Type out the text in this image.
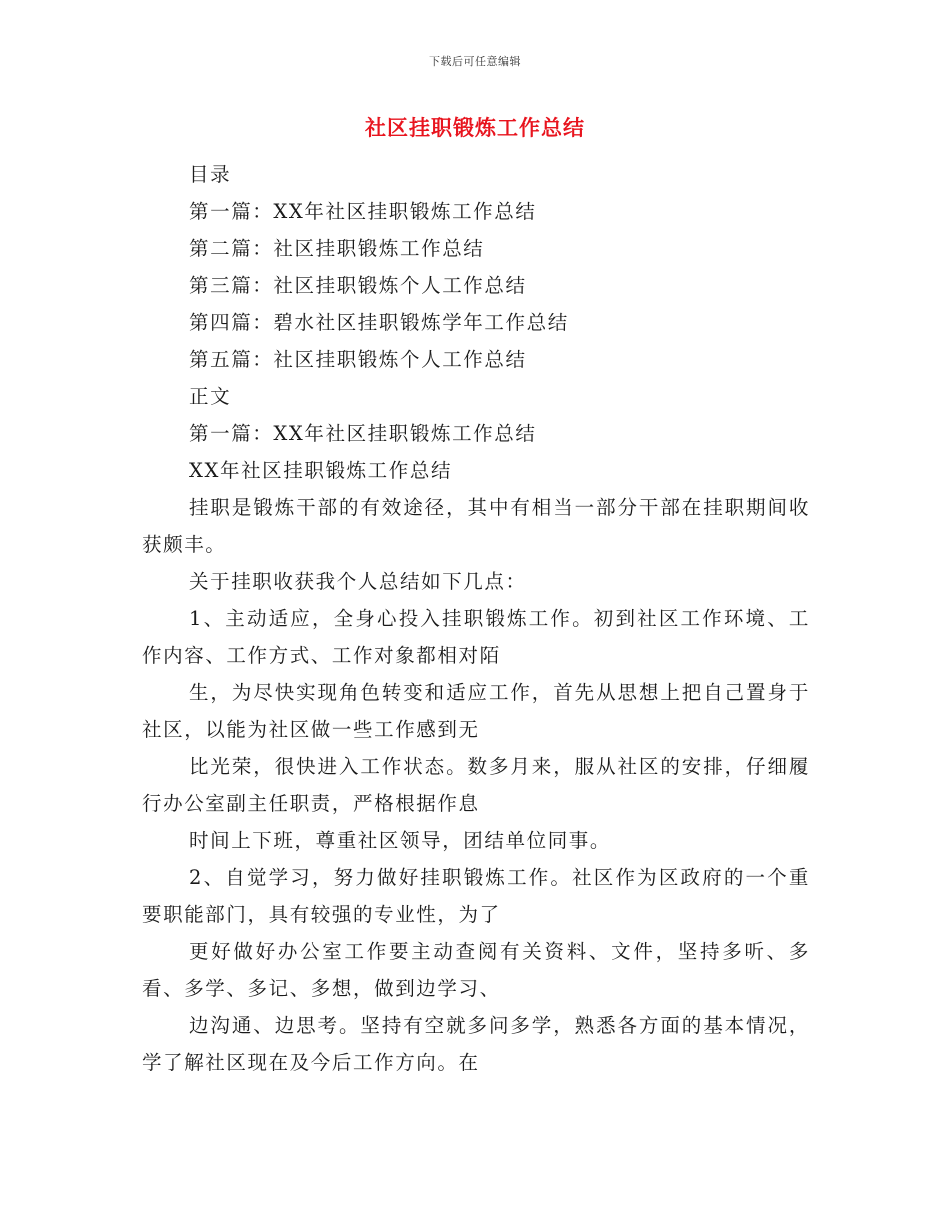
下载后可任意编辑
社区挂职锻炼工作总结
目录
第一篇：XX年社区挂职锻炼工作总结
第二篇：社区挂职锻炼工作总结
第三篇：社区挂职锻炼个人工作总结
第四篇：碧水社区挂职锻炼学年工作总结
第五篇：社区挂职锻炼个人工作总结
正文
第一篇：XX年社区挂职锻炼工作总结
XX年社区挂职锻炼工作总结
挂职是锻炼干部的有效途径，其中有相当一部分干部在挂职期间收获颇丰。
关于挂职收获我个人总结如下几点：
1、主动适应，全身心投入挂职锻炼工作。初到社区工作环境、工作内容、工作方式、工作对象都相对陌
生，为尽快实现角色转变和适应工作，首先从思想上把自己置身于社区，以能为社区做一些工作感到无
比光荣，很快进入工作状态。数多月来，服从社区的安排，仔细履行办公室副主任职责，严格根据作息
时间上下班，尊重社区领导，团结单位同事。
2、自觉学习，努力做好挂职锻炼工作。社区作为区政府的一个重要职能部门，具有较强的专业性，为了
更好做好办公室工作要主动查阅有关资料、文件，坚持多听、多看、多学、多记、多想，做到边学习、
边沟通、边思考。坚持有空就多问多学，熟悉各方面的基本情况，学了解社区现在及今后工作方向。在
